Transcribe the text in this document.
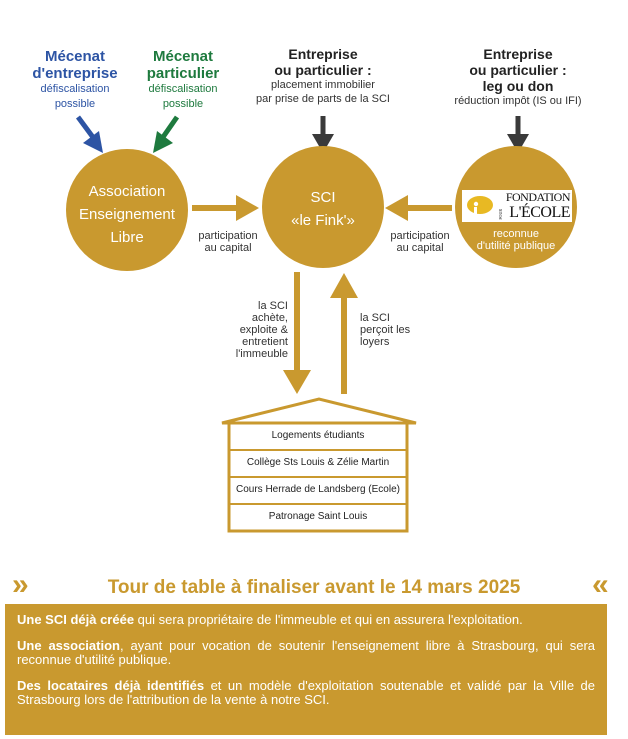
Mécenat
d'entreprise
défiscalisation
possible
Mécenat
particulier
défiscalisation
possible
Entreprise
ou particulier :
placement immobilier
par prise de parts de la SCI
Entreprise
ou particulier :
leg ou don
réduction impôt (IS ou IFI)
Association
Enseignement
Libre
SCI
«le Fink'»
FONDATION
POUR L'ÉCOLE
reconnue
d'utilité publique
participation
au capital
participation
au capital
la SCI
achète,
exploite &
entretient
l'immeuble
la SCI
perçoit les
loyers
Logements étudiants
Collège Sts Louis & Zélie Martin
Cours Herrade de Landsberg (Ecole)
Patronage Saint Louis
»	Tour de table à finaliser avant le 14 mars 2025	«

Une SCI déjà créée qui sera propriétaire de l'immeuble et qui en assurera l'exploitation.

Une association, ayant pour vocation de soutenir l'enseignement libre à Strasbourg, qui sera reconnue d'utilité publique.

Des locataires déjà identifiés et un modèle d'exploitation soutenable et validé par la Ville de Strasbourg lors de l'attribution de la vente à notre SCI.
